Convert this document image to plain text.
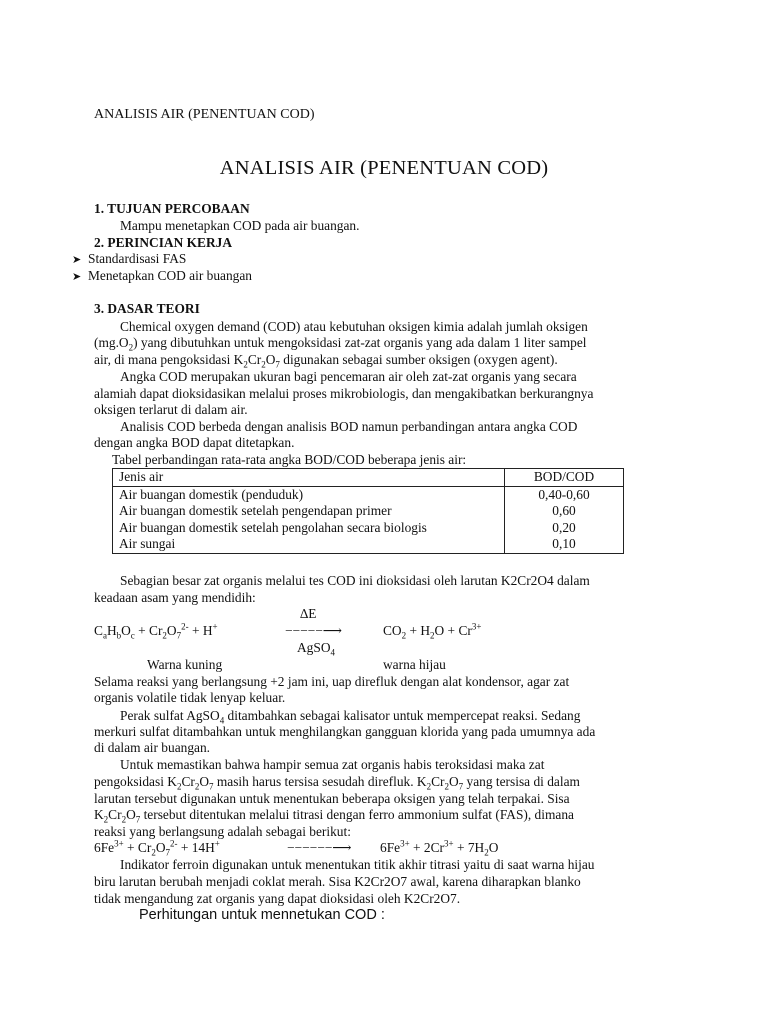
ANALISIS AIR (PENENTUAN COD)
ANALISIS AIR (PENENTUAN COD)
1. TUJUAN PERCOBAAN
Mampu menetapkan COD pada air buangan.
2. PERINCIAN KERJA
➤ Standardisasi FAS
➤ Menetapkan COD air buangan
3. DASAR TEORI
Chemical oxygen demand (COD) atau kebutuhan oksigen kimia adalah jumlah oksigen
$(mg.O_2)$ yang dibutuhkan untuk mengoksidasi zat-zat organis yang ada dalam 1 liter sampel
air, di mana pengoksidasi $K_2Cr_2O_7$ digunakan sebagai sumber oksigen (oxygen agent).
Angka COD merupakan ukuran bagi pencemaran air oleh zat-zat organis yang secara
alamiah dapat dioksidasikan melalui proses mikrobiologis, dan mengakibatkan berkurangnya
oksigen terlarut di dalam air.
Analisis COD berbeda dengan analisis BOD namun perbandingan antara angka COD
dengan angka BOD dapat ditetapkan.
Tabel perbandingan rata-rata angka BOD/COD beberapa jenis air:
Jenis air	BOD/COD
Air buangan domestik (penduduk)	0,40-0,60
Air buangan domestik setelah pengendapan primer	0,60
Air buangan domestik setelah pengolahan secara biologis	0,20
Air sungai	0,10
Sebagian besar zat organis melalui tes COD ini dioksidasi oleh larutan K2Cr2O4 dalam
keadaan asam yang mendidih:
∆E
$C_aH_bO_c + Cr_2O_7^{2-} + H^+$	−−−−−⟶	$CO_2 + H_2O + Cr^{3+}$
AgSO$_4$
Warna kuning	warna hijau
Selama reaksi yang berlangsung +2 jam ini, uap direfluk dengan alat kondensor, agar zat
organis volatile tidak lenyap keluar.
Perak sulfat AgSO$_4$ ditambahkan sebagai kalisator untuk mempercepat reaksi. Sedang
merkuri sulfat ditambahkan untuk menghilangkan gangguan klorida yang pada umumnya ada
di dalam air buangan.
Untuk memastikan bahwa hampir semua zat organis habis teroksidasi maka zat
pengoksidasi $K_2Cr_2O_7$ masih harus tersisa sesudah direfluk. $K_2Cr_2O_7$ yang tersisa di dalam
larutan tersebut digunakan untuk menentukan beberapa oksigen yang telah terpakai. Sisa
$K_2Cr_2O_7$ tersebut ditentukan melalui titrasi dengan ferro ammonium sulfat (FAS), dimana
reaksi yang berlangsung adalah sebagai berikut:
$6Fe^{3+} + Cr_2O_7^{2-} + 14H^+$	−−−−−−⟶ $6Fe^{3+} + 2Cr^{3+} + 7H_2O$
Indikator ferroin digunakan untuk menentukan titik akhir titrasi yaitu di saat warna hijau
biru larutan berubah menjadi coklat merah. Sisa K2Cr2O7 awal, karena diharapkan blanko
tidak mengandung zat organis yang dapat dioksidasi oleh K2Cr2O7.
Perhitungan untuk mennetukan COD :
